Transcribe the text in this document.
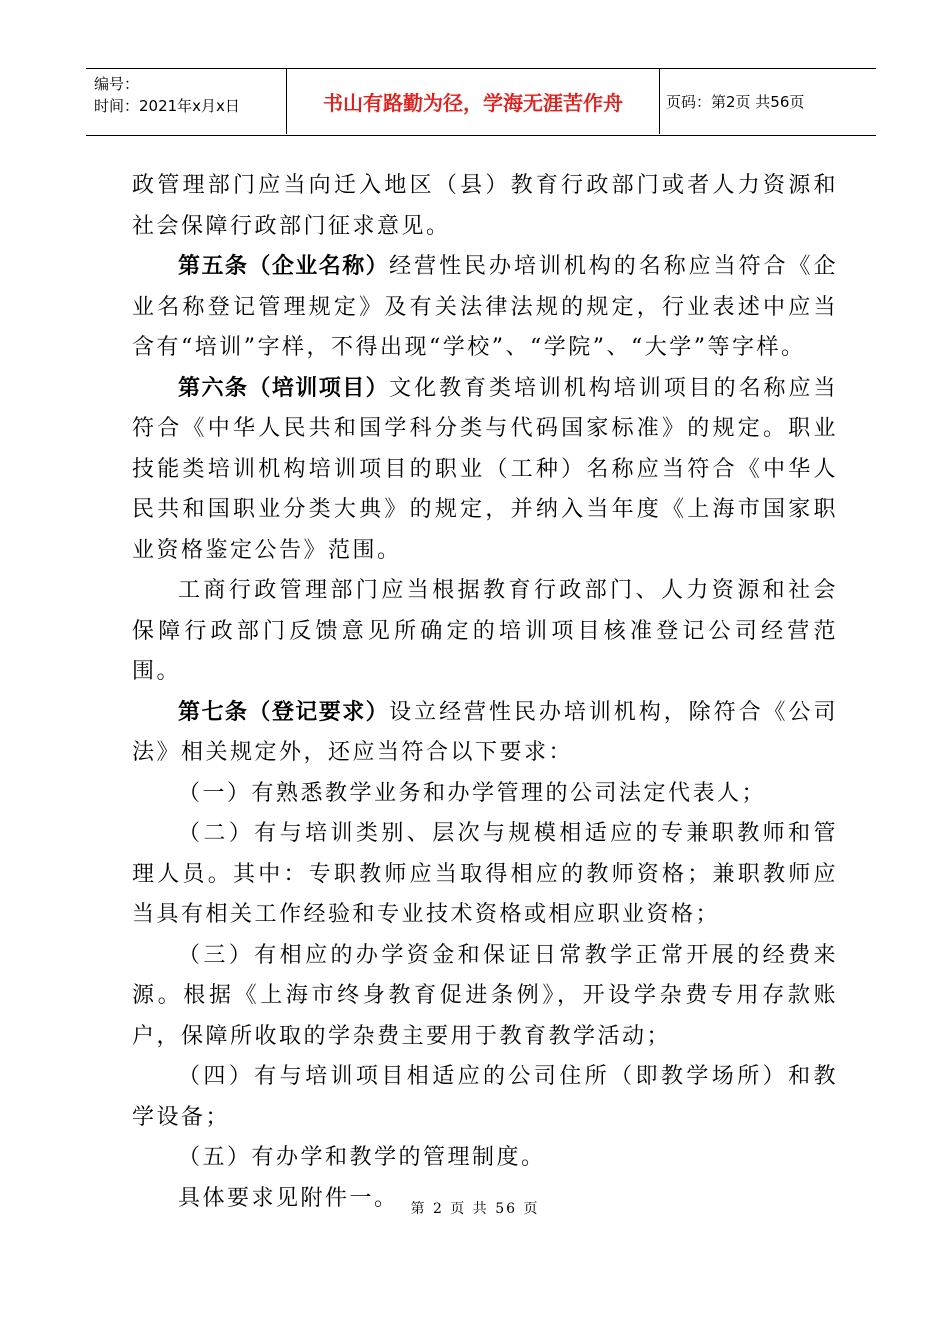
编号：
时间：2021年x月x日	书山有路勤为径，学海无涯苦作舟	页码：第2页 共56页

政管理部门应当向迁入地区（县）教育行政部门或者人力资源和社会保障行政部门征求意见。

第五条（企业名称）经营性民办培训机构的名称应当符合《企业名称登记管理规定》及有关法律法规的规定，行业表述中应当含有“培训”字样，不得出现“学校”、“学院”、“大学”等字样。

第六条（培训项目）文化教育类培训机构培训项目的名称应当符合《中华人民共和国学科分类与代码国家标准》的规定。职业技能类培训机构培训项目的职业（工种）名称应当符合《中华人民共和国职业分类大典》的规定，并纳入当年度《上海市国家职业资格鉴定公告》范围。

工商行政管理部门应当根据教育行政部门、人力资源和社会保障行政部门反馈意见所确定的培训项目核准登记公司经营范围。

第七条（登记要求）设立经营性民办培训机构，除符合《公司法》相关规定外，还应当符合以下要求：

（一）有熟悉教学业务和办学管理的公司法定代表人；

（二）有与培训类别、层次与规模相适应的专兼职教师和管理人员。其中：专职教师应当取得相应的教师资格；兼职教师应当具有相关工作经验和专业技术资格或相应职业资格；

（三）有相应的办学资金和保证日常教学正常开展的经费来源。根据《上海市终身教育促进条例》，开设学杂费专用存款账户，保障所收取的学杂费主要用于教育教学活动；

（四）有与培训项目相适应的公司住所（即教学场所）和教学设备；

（五）有办学和教学的管理制度。

具体要求见附件一。 第 2 页 共 56 页
